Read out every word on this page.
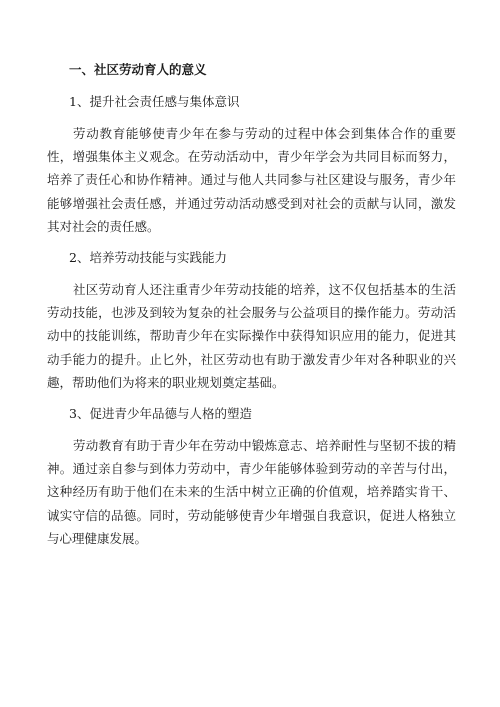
一、社区劳动育人的意义
1、提升社会责任感与集体意识

劳动教育能够使青少年在参与劳动的过程中体会到集体合作的重要性，增强集体主义观念。在劳动活动中，青少年学会为共同目标而努力，培养了责任心和协作精神。通过与他人共同参与社区建设与服务，青少年能够增强社会责任感，并通过劳动活动感受到对社会的贡献与认同，激发其对社会的责任感。

2、培养劳动技能与实践能力

社区劳动育人还注重青少年劳动技能的培养，这不仅包括基本的生活劳动技能，也涉及到较为复杂的社会服务与公益项目的操作能力。劳动活动中的技能训练，帮助青少年在实际操作中获得知识应用的能力，促进其动手能力的提升。止匕外，社区劳动也有助于激发青少年对各种职业的兴趣，帮助他们为将来的职业规划奠定基础。

3、促进青少年品德与人格的塑造

劳动教育有助于青少年在劳动中锻炼意志、培养耐性与坚韧不拔的精神。通过亲自参与到体力劳动中，青少年能够体验到劳动的辛苦与付出，这种经历有助于他们在未来的生活中树立正确的价值观，培养踏实肯干、诚实守信的品德。同时，劳动能够使青少年增强自我意识，促进人格独立与心理健康发展。
